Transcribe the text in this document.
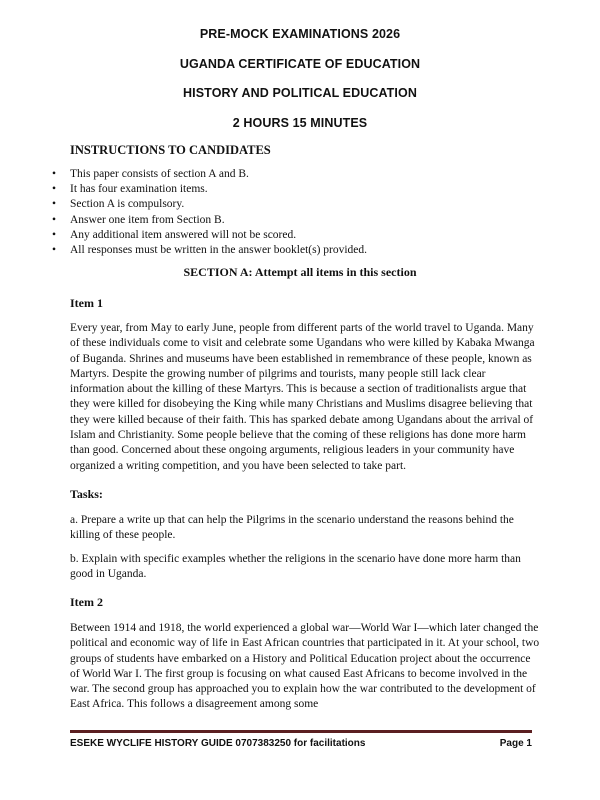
PRE-MOCK EXAMINATIONS 2026
UGANDA CERTIFICATE OF EDUCATION
HISTORY AND POLITICAL EDUCATION
2 HOURS 15 MINUTES
INSTRUCTIONS TO CANDIDATES
• This paper consists of section A and B.
• It has four examination items.
• Section A is compulsory.
• Answer one item from Section B.
• Any additional item answered will not be scored.
• All responses must be written in the answer booklet(s) provided.
SECTION A: Attempt all items in this section
Item 1

Every year, from May to early June, people from different parts of the world travel to Uganda. Many of these individuals come to visit and celebrate some Ugandans who were killed by Kabaka Mwanga of Buganda. Shrines and museums have been established in remembrance of these people, known as Martyrs. Despite the growing number of pilgrims and tourists, many people still lack clear information about the killing of these Martyrs. This is because a section of traditionalists argue that they were killed for disobeying the King while many Christians and Muslims disagree believing that they were killed because of their faith. This has sparked debate among Ugandans about the arrival of Islam and Christianity. Some people believe that the coming of these religions has done more harm than good. Concerned about these ongoing arguments, religious leaders in your community have organized a writing competition, and you have been selected to take part.

Tasks:

a. Prepare a write up that can help the Pilgrims in the scenario understand the reasons behind the killing of these people.

b. Explain with specific examples whether the religions in the scenario have done more harm than good in Uganda.

Item 2

Between 1914 and 1918, the world experienced a global war—World War I—which later changed the political and economic way of life in East African countries that participated in it. At your school, two groups of students have embarked on a History and Political Education project about the occurrence of World War I. The first group is focusing on what caused East Africans to become involved in the war. The second group has approached you to explain how the war contributed to the development of East Africa. This follows a disagreement among some

ESEKE WYCLIFE HISTORY GUIDE 0707383250 for facilitations	Page 1
